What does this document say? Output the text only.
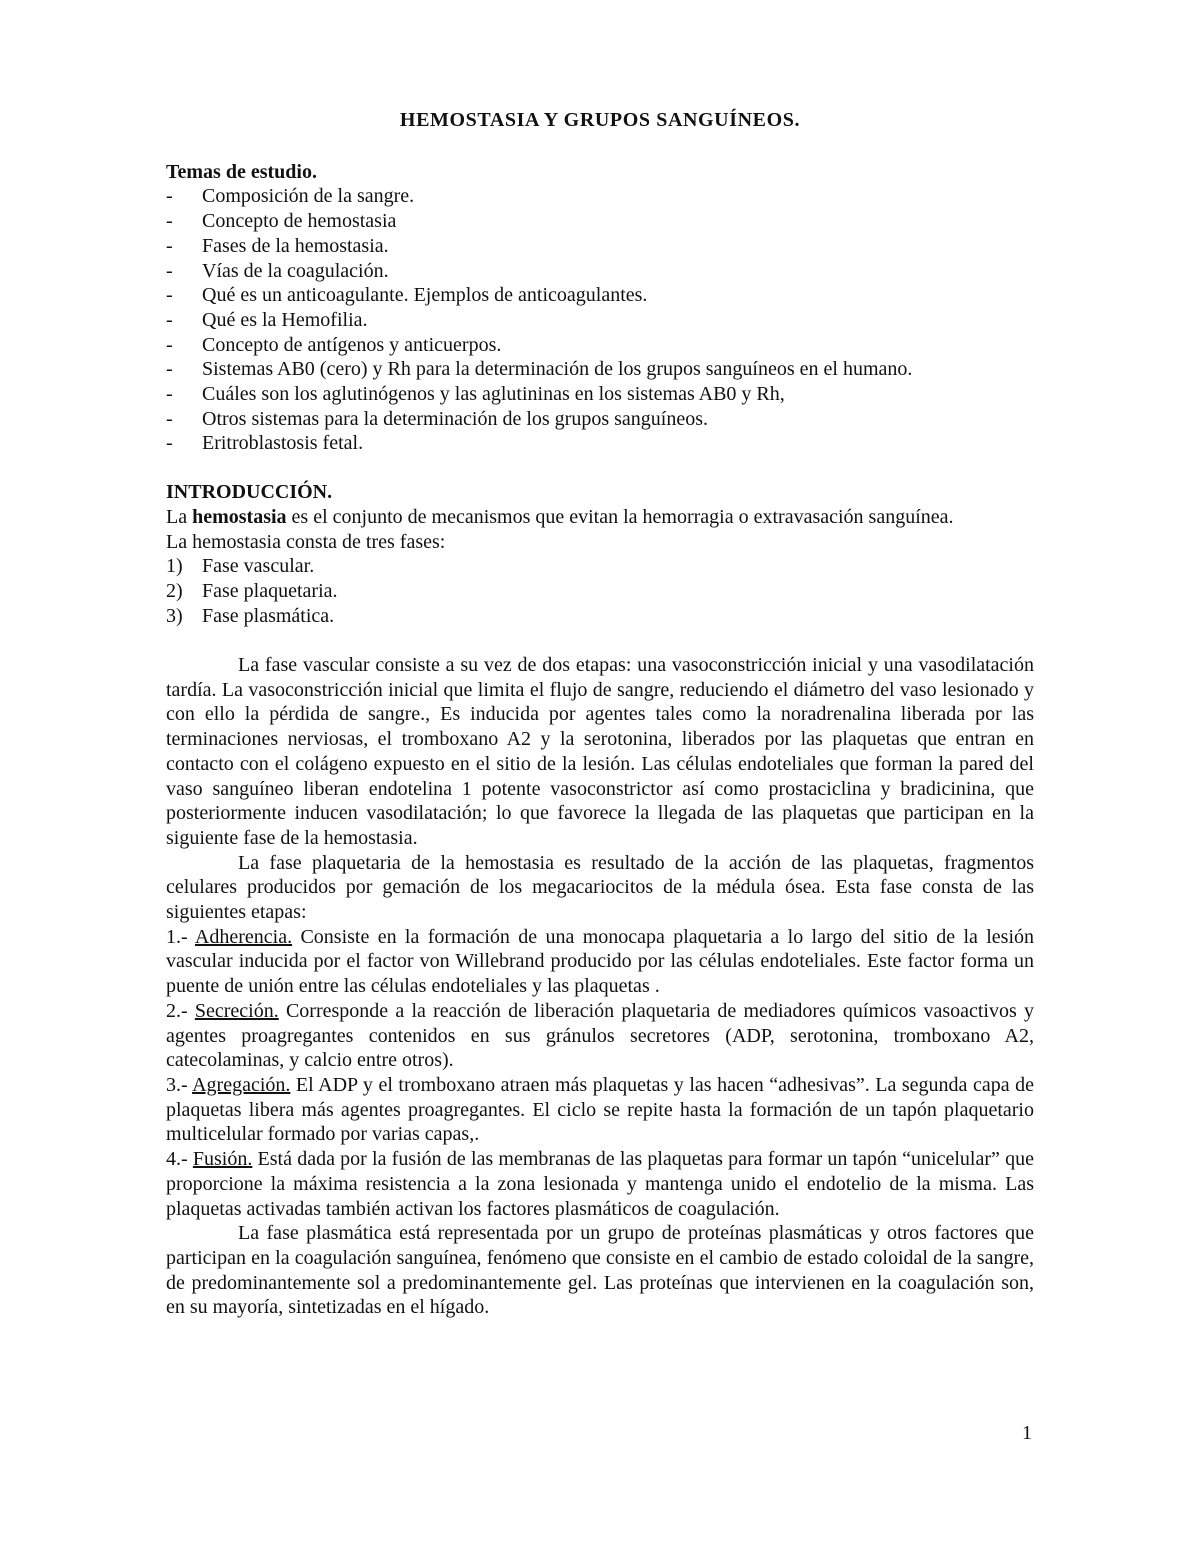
HEMOSTASIA Y GRUPOS SANGUÍNEOS.
Temas de estudio.
- Composición de la sangre.
- Concepto de hemostasia
- Fases de la hemostasia.
- Vías de la coagulación.
- Qué es un anticoagulante. Ejemplos de anticoagulantes.
- Qué es la Hemofilia.
- Concepto de antígenos y anticuerpos.
- Sistemas AB0 (cero) y Rh para la determinación de los grupos sanguíneos en el humano.
- Cuáles son los aglutinógenos y las aglutininas en los sistemas AB0 y Rh,
- Otros sistemas para la determinación de los grupos sanguíneos.
- Eritroblastosis fetal.
INTRODUCCIÓN.

La hemostasia es el conjunto de mecanismos que evitan la hemorragia o extravasación sanguínea.

La hemostasia consta de tres fases:

1) Fase vascular.
2) Fase plaquetaria.
3) Fase plasmática.

La fase vascular consiste a su vez de dos etapas: una vasoconstricción inicial y una vasodilatación tardía. La vasoconstricción inicial que limita el flujo de sangre, reduciendo el diámetro del vaso lesionado y con ello la pérdida de sangre., Es inducida por agentes tales como la noradrenalina liberada por las terminaciones nerviosas, el tromboxano A2 y la serotonina, liberados por las plaquetas que entran en contacto con el colágeno expuesto en el sitio de la lesión. Las células endoteliales que forman la pared del vaso sanguíneo liberan endotelina 1 potente vasoconstrictor así como prostaciclina y bradicinina, que posteriormente inducen vasodilatación; lo que favorece la llegada de las plaquetas que participan en la siguiente fase de la hemostasia.

La fase plaquetaria de la hemostasia es resultado de la acción de las plaquetas, fragmentos celulares producidos por gemación de los megacariocitos de la médula ósea. Esta fase consta de las siguientes etapas:

1.- Adherencia. Consiste en la formación de una monocapa plaquetaria a lo largo del sitio de la lesión vascular inducida por el factor von Willebrand producido por las células endoteliales. Este factor forma un puente de unión entre las células endoteliales y las plaquetas .

2.- Secreción. Corresponde a la reacción de liberación plaquetaria de mediadores químicos vasoactivos y agentes proagregantes contenidos en sus gránulos secretores (ADP, serotonina, tromboxano A2, catecolaminas, y calcio entre otros).

3.- Agregación. El ADP y el tromboxano atraen más plaquetas y las hacen “adhesivas”. La segunda capa de plaquetas libera más agentes proagregantes. El ciclo se repite hasta la formación de un tapón plaquetario multicelular formado por varias capas,.

4.- Fusión. Está dada por la fusión de las membranas de las plaquetas para formar un tapón “unicelular” que proporcione la máxima resistencia a la zona lesionada y mantenga unido el endotelio de la misma. Las plaquetas activadas también activan los factores plasmáticos de coagulación.

La fase plasmática está representada por un grupo de proteínas plasmáticas y otros factores que participan en la coagulación sanguínea, fenómeno que consiste en el cambio de estado coloidal de la sangre, de predominantemente sol a predominantemente gel. Las proteínas que intervienen en la coagulación son, en su mayoría, sintetizadas en el hígado.

1
